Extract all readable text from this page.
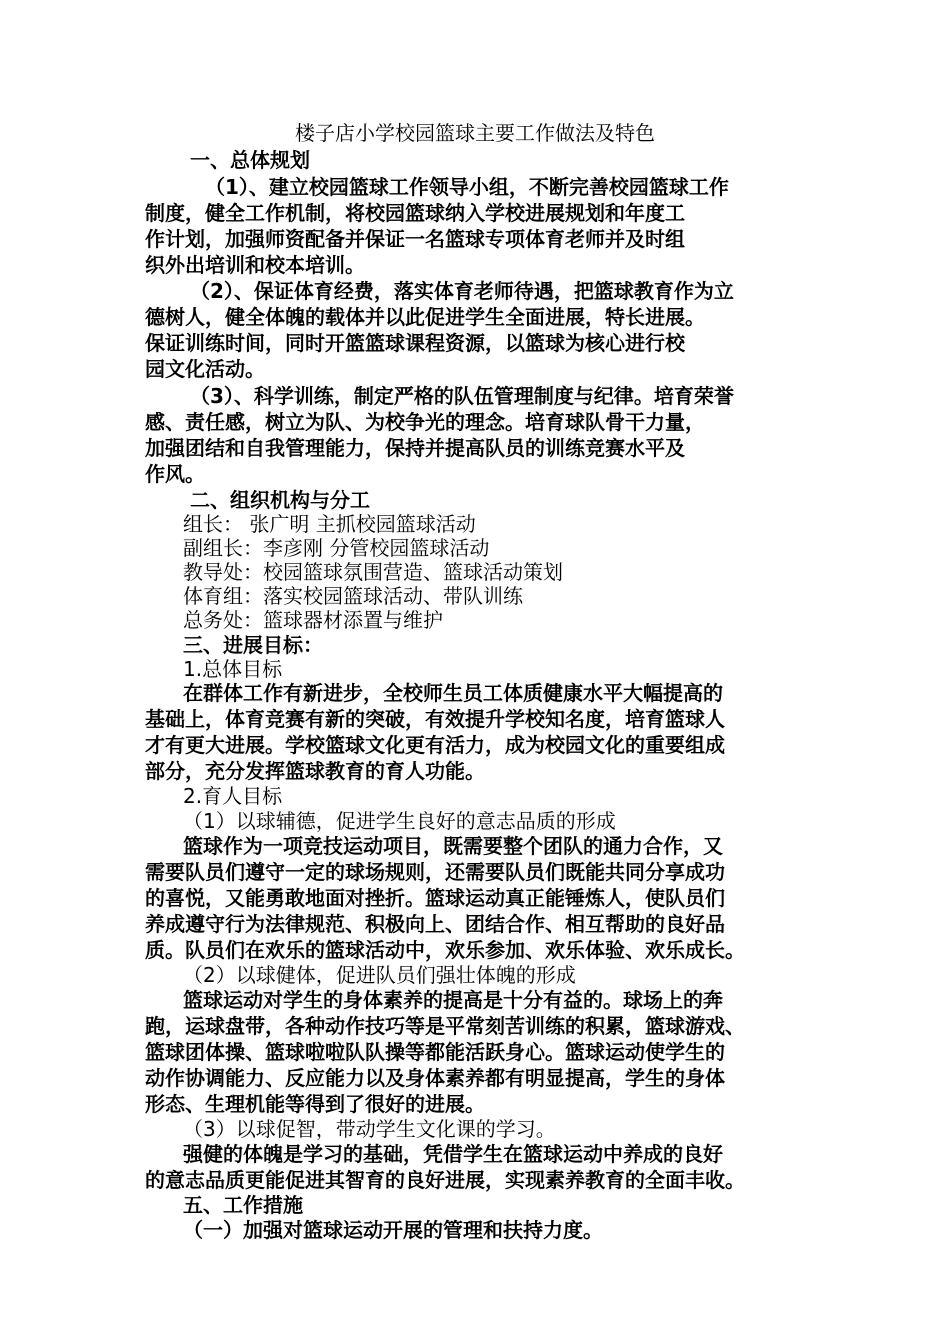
楼子店小学校园篮球主要工作做法及特色
一、总体规划
（1）、建立校园篮球工作领导小组，不断完善校园篮球工作
制度，健全工作机制，将校园篮球纳入学校进展规划和年度工
作计划，加强师资配备并保证一名篮球专项体育老师并及时组
织外出培训和校本培训。
（2）、保证体育经费，落实体育老师待遇，把篮球教育作为立
德树人，健全体魄的载体并以此促进学生全面进展，特长进展。
保证训练时间，同时开篮篮球课程资源，以篮球为核心进行校
园文化活动。
（3）、科学训练，制定严格的队伍管理制度与纪律。培育荣誉
感、责任感，树立为队、为校争光的理念。培育球队骨干力量，
加强团结和自我管理能力，保持并提高队员的训练竞赛水平及
作风。
二、组织机构与分工
组长： 张广明 主抓校园篮球活动
副组长：李彦刚 分管校园篮球活动
教导处：校园篮球氛围营造、篮球活动策划
体育组：落实校园篮球活动、带队训练
总务处：篮球器材添置与维护
三、进展目标：
1.总体目标
在群体工作有新进步，全校师生员工体质健康水平大幅提高的
基础上，体育竞赛有新的突破，有效提升学校知名度，培育篮球人
才有更大进展。学校篮球文化更有活力，成为校园文化的重要组成
部分，充分发挥篮球教育的育人功能。
2.育人目标
（1）以球辅德，促进学生良好的意志品质的形成
篮球作为一项竞技运动项目，既需要整个团队的通力合作，又
需要队员们遵守一定的球场规则，还需要队员们既能共同分享成功
的喜悦，又能勇敢地面对挫折。篮球运动真正能锤炼人，使队员们
养成遵守行为法律规范、积极向上、团结合作、相互帮助的良好品
质。队员们在欢乐的篮球活动中，欢乐参加、欢乐体验、欢乐成长。
（2）以球健体，促进队员们强壮体魄的形成
篮球运动对学生的身体素养的提高是十分有益的。球场上的奔
跑，运球盘带，各种动作技巧等是平常刻苦训练的积累，篮球游戏、
篮球团体操、篮球啦啦队队操等都能活跃身心。篮球运动使学生的
动作协调能力、反应能力以及身体素养都有明显提高，学生的身体
形态、生理机能等得到了很好的进展。
（3）以球促智，带动学生文化课的学习。
强健的体魄是学习的基础，凭借学生在篮球运动中养成的良好
的意志品质更能促进其智育的良好进展，实现素养教育的全面丰收。
五、工作措施
（一）加强对篮球运动开展的管理和扶持力度。
